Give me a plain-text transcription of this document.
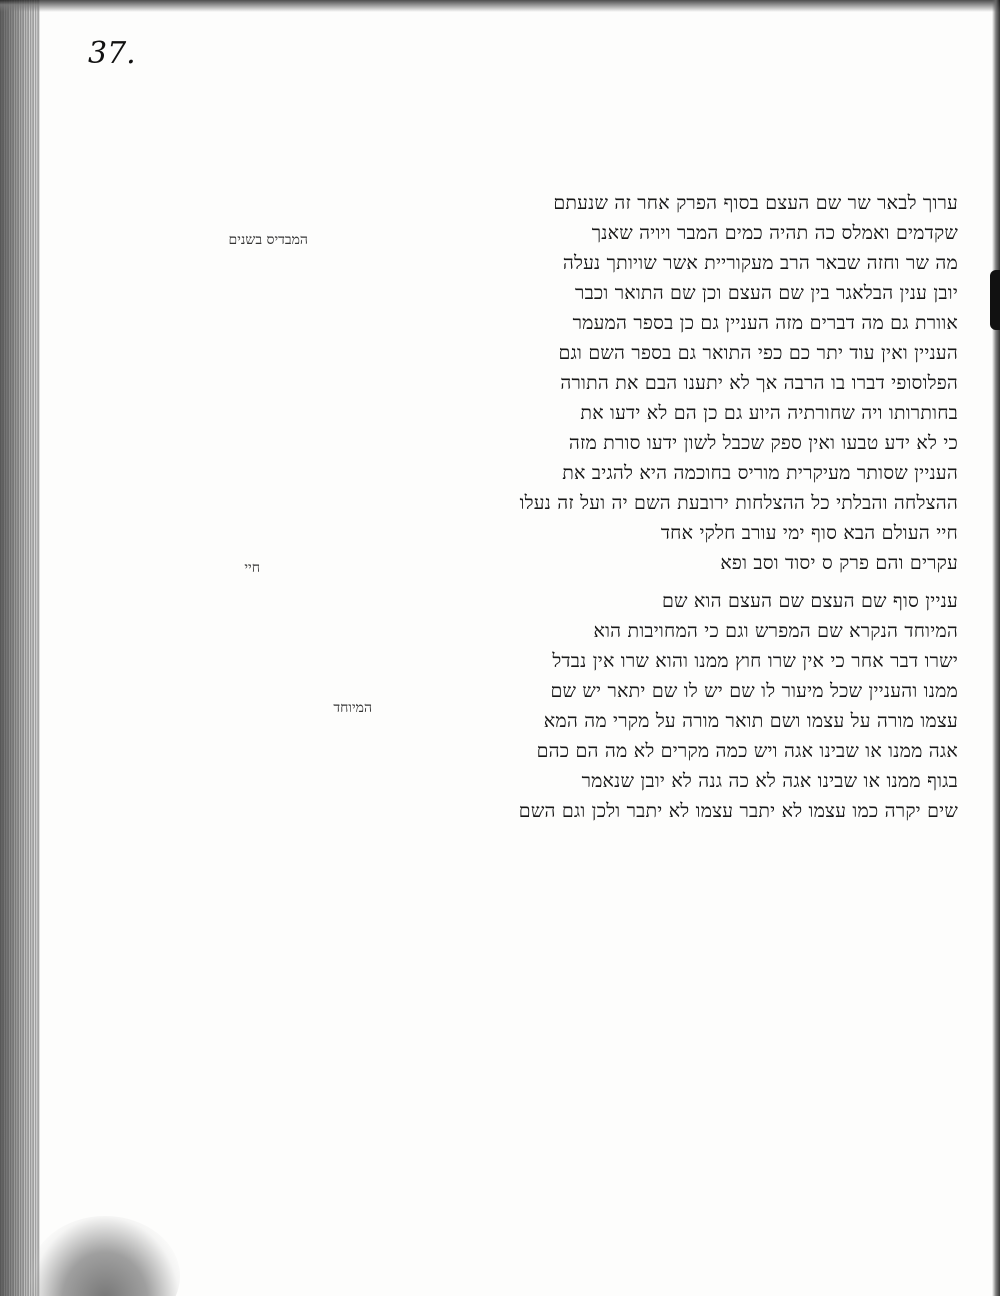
37.
המבדיס בשנים
חיי
ערוך לבאר שר שם העצם בסוף הפרק אחר זה שנעתם
שקדמים ואמלס כה תהיה כמים המבר ויויה שאנך
מה שר וחזה שבאר הרב מעקוריית אשר שויותך נעלה
יובן ענין הבלאגר בין שם העצם וכן שם התואר וכבר
אוורת גם מה דברים מזה העניין גם כן בספר המעמר
העניין ואין עוד יתר כם כפי התואר גם בספר השם וגם
הפלוסופי דברו בו הרבה אך לא יתענו הבם את התורה
בחותרותו ויה שחורתיה היוע גם כן הם לא ידעו את
כי לא ידע טבעו ואין ספק שכבל לשון ידעו סורת מזה
העניין שסותר מעיקרית מוריס בחוכמה היא להגיב את
ההצלחה והבלתי כל ההצלחות ירובעת השם יה ועל זה נעלו
חיי העולם הבא סוף ימי עורב חלקי אחד
עקרים והם פרק ס יסוד וסב ופא
עניין סוף שם העצם שם העצם הוא שם
המיוחד הנקרא שם המפרש וגם כי המחויבות הוא
ישרו דבר אחר כי אין שרו חוץ ממנו והוא שרו אין נבדל
ממנו והעניין שכל מיעור לו שם יש לו שם יתאר יש שם
עצמו מורה על עצמו ושם תואר מורה על מקרי מה המא
אגה ממנו או שבינו אגה ויש כמה מקרים לא מה הם כהם
בגוף ממנו או שבינו אגה לא כה גנה לא יובן שנאמר
שים יקרה כמו עצמו לא יתבר עצמו לא יתבר ולכן וגם השם
המיוחד
